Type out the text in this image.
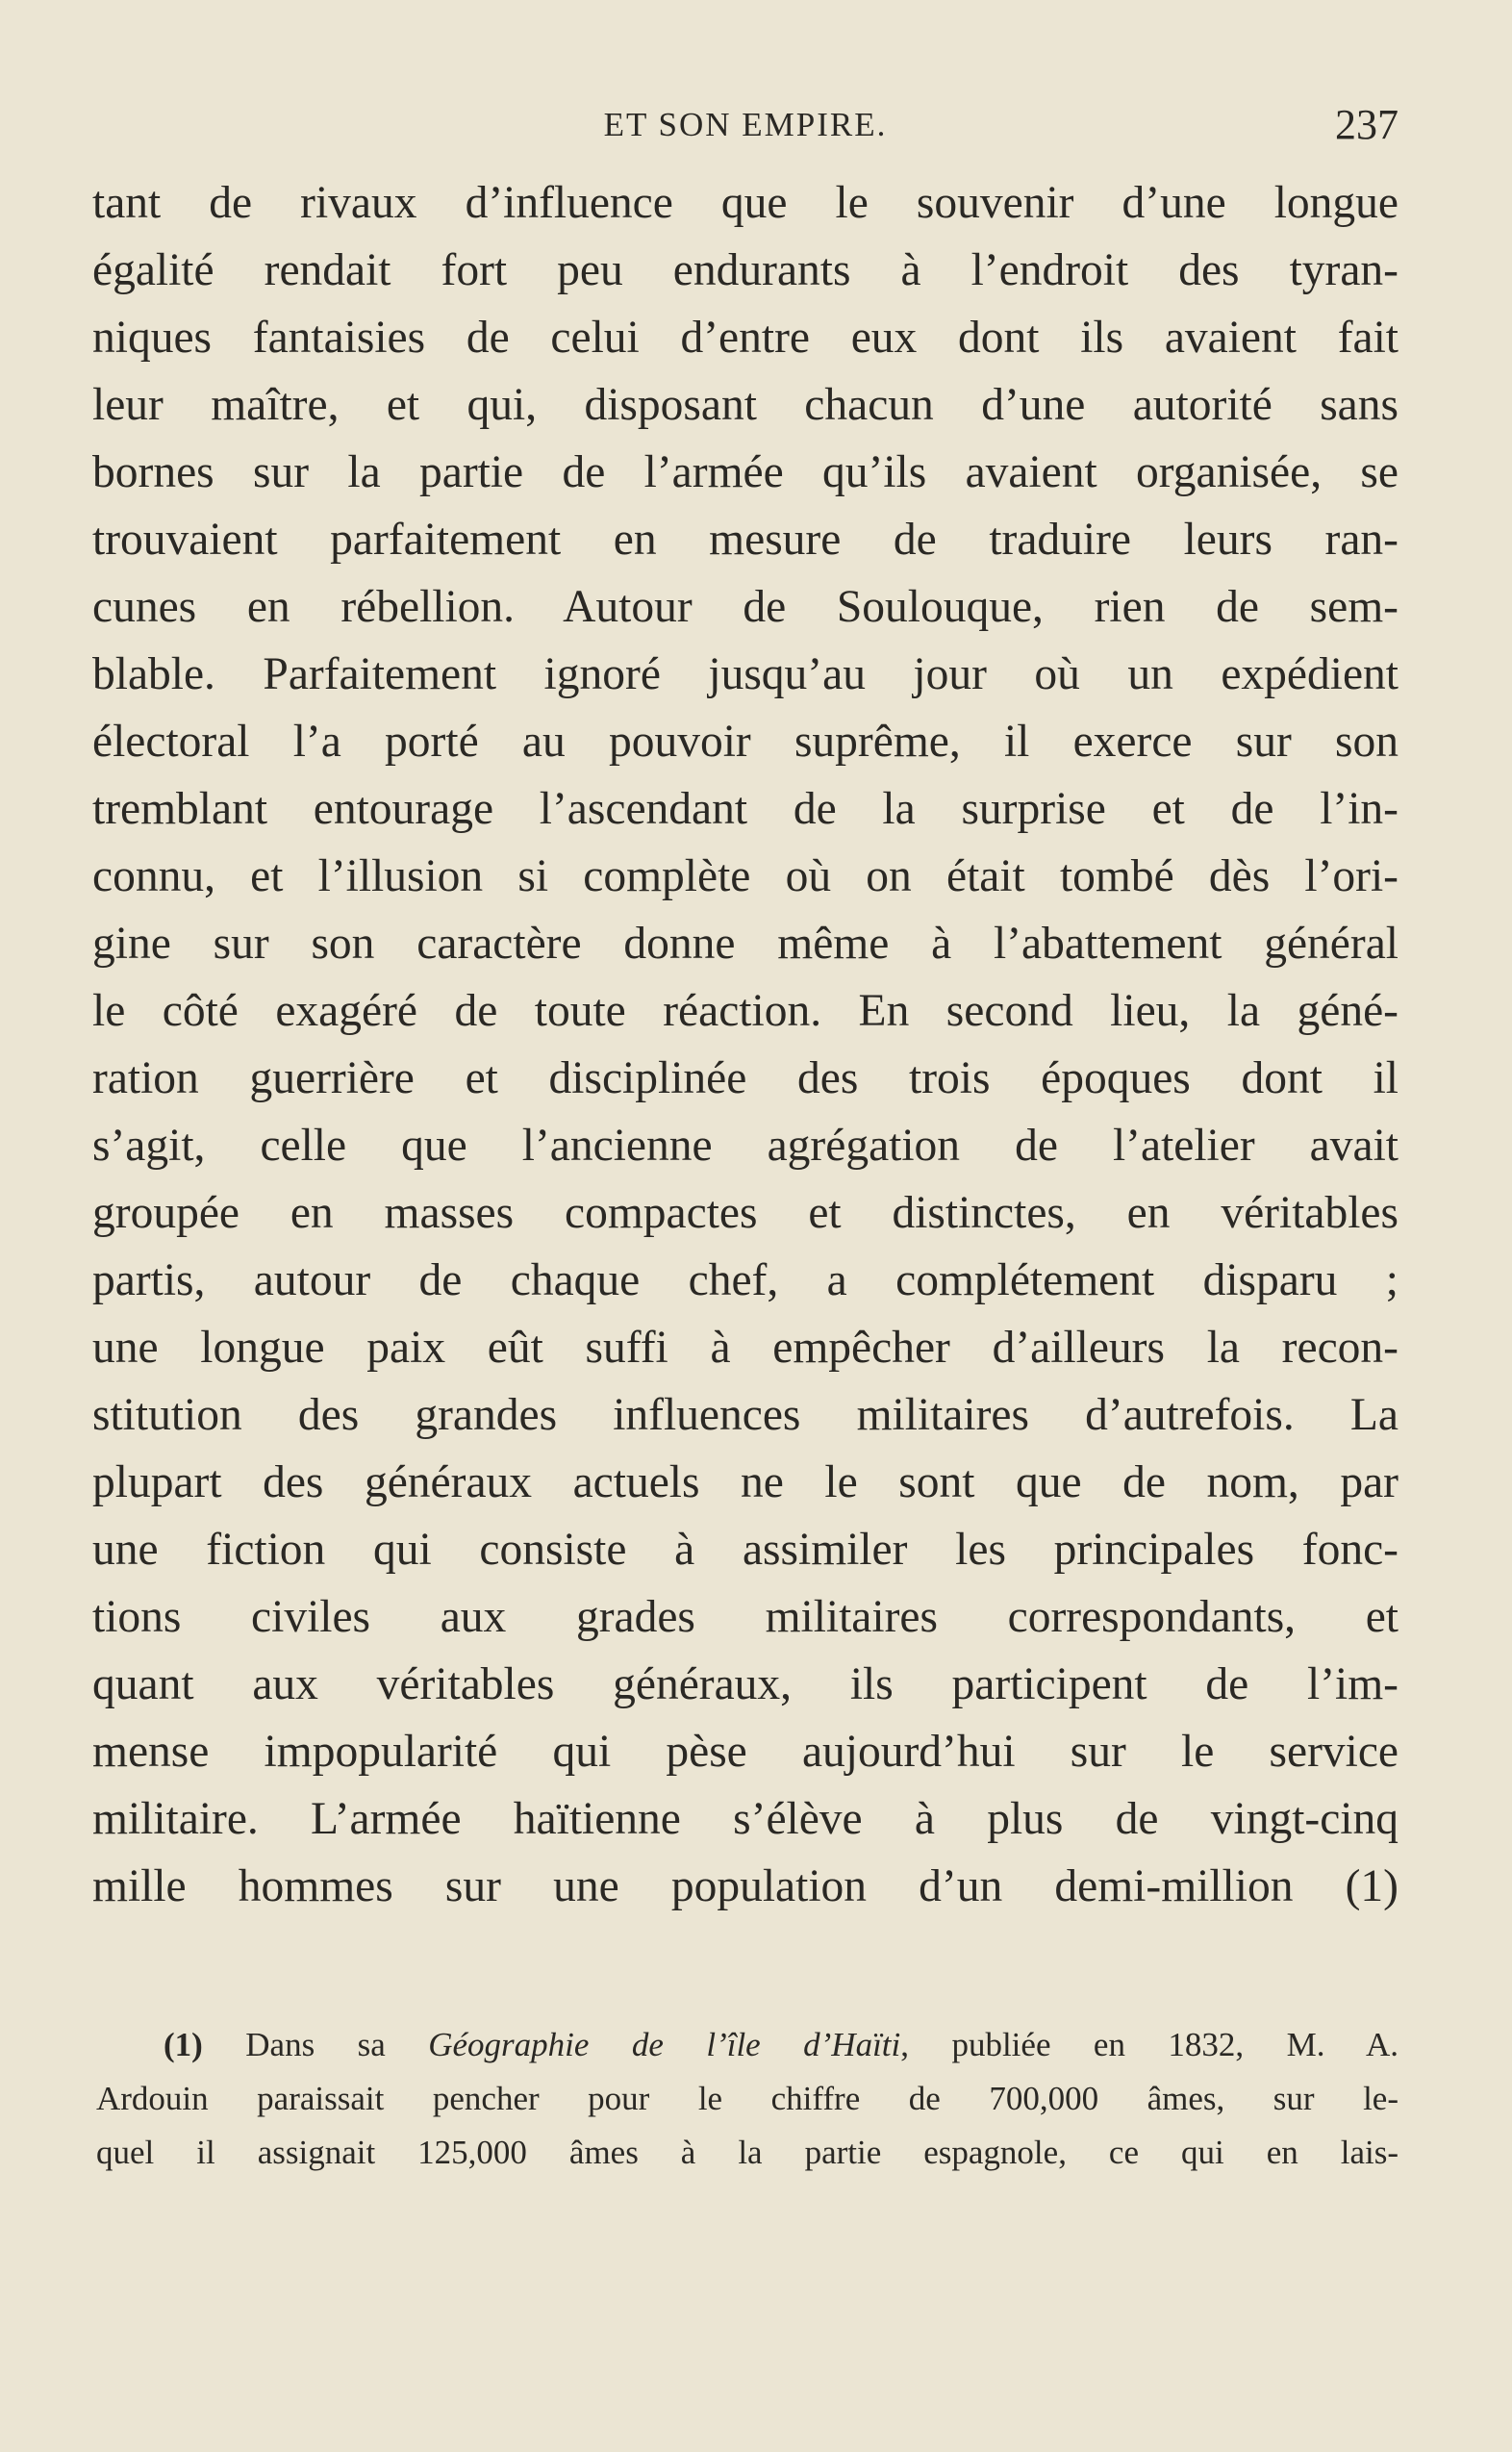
ET SON EMPIRE.	237
tant de rivaux d’influence que le souvenir d’une longue
égalité rendait fort peu endurants à l’endroit des tyran-
niques fantaisies de celui d’entre eux dont ils avaient fait
leur maître, et qui, disposant chacun d’une autorité sans
bornes sur la partie de l’armée qu’ils avaient organisée, se
trouvaient parfaitement en mesure de traduire leurs ran-
cunes en rébellion. Autour de Soulouque, rien de sem-
blable. Parfaitement ignoré jusqu’au jour où un expédient
électoral l’a porté au pouvoir suprême, il exerce sur son
tremblant entourage l’ascendant de la surprise et de l’in-
connu, et l’illusion si complète où on était tombé dès l’ori-
gine sur son caractère donne même à l’abattement général
le côté exagéré de toute réaction. En second lieu, la géné-
ration guerrière et disciplinée des trois époques dont il
s’agit, celle que l’ancienne agrégation de l’atelier avait
groupée en masses compactes et distinctes, en véritables
partis, autour de chaque chef, a complétement disparu ;
une longue paix eût suffi à empêcher d’ailleurs la recon-
stitution des grandes influences militaires d’autrefois. La
plupart des généraux actuels ne le sont que de nom, par
une fiction qui consiste à assimiler les principales fonc-
tions civiles aux grades militaires correspondants, et
quant aux véritables généraux, ils participent de l’im-
mense impopularité qui pèse aujourd’hui sur le service
militaire. L’armée haïtienne s’élève à plus de vingt-cinq
mille hommes sur une population d’un demi-million (1)
(1) Dans sa Géographie de l’île d’Haïti, publiée en 1832, M. A.
Ardouin paraissait pencher pour le chiffre de 700,000 âmes, sur le-
quel il assignait 125,000 âmes à la partie espagnole, ce qui en lais-
